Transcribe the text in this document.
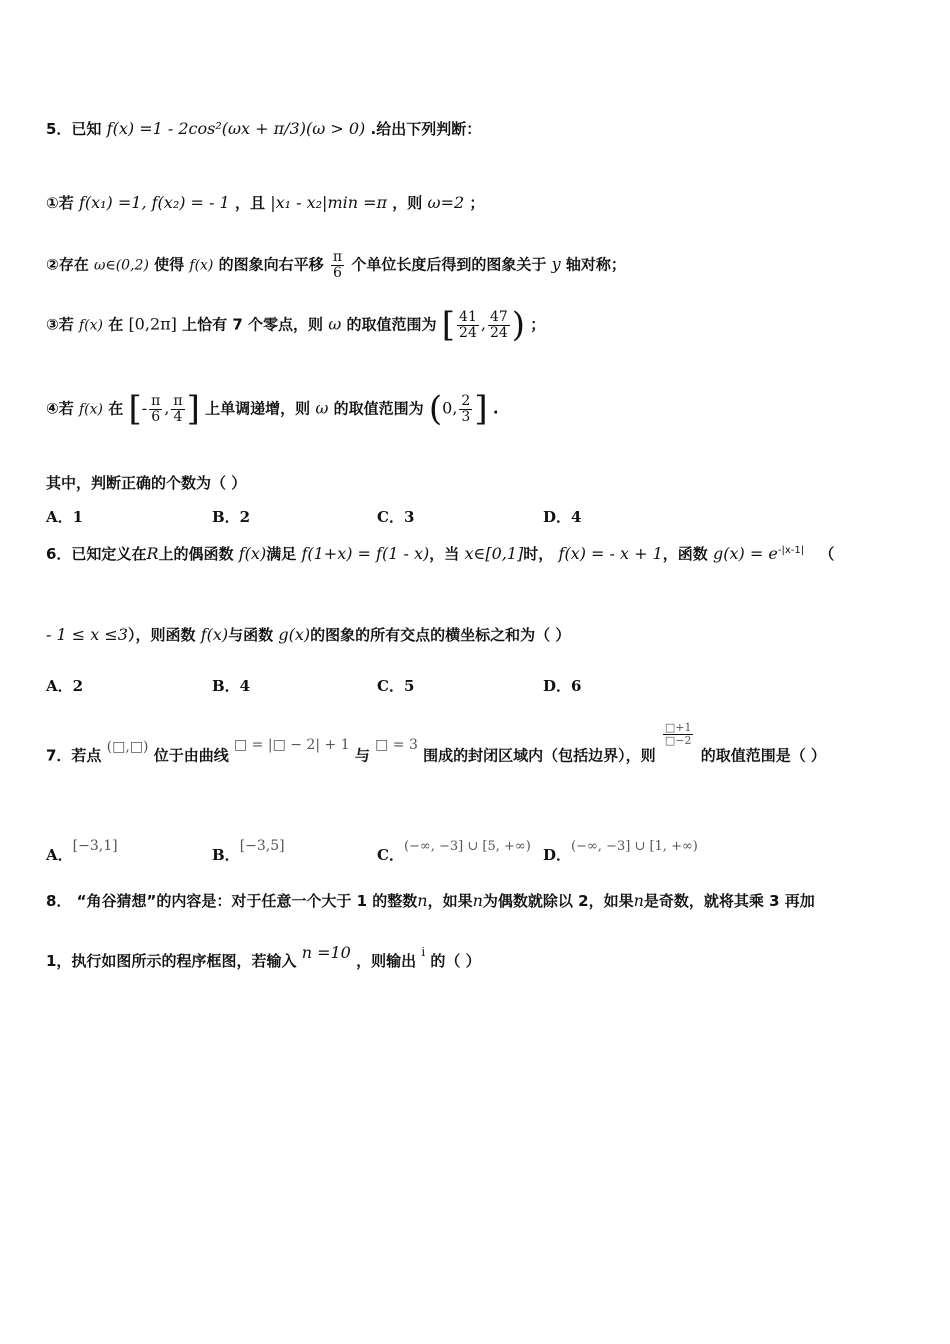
5．已知 f(x) =1 - 2cos²(ωx + π/3)(ω > 0) .给出下列判断：
①若 f(x₁) =1, f(x₂) = - 1 ，且 |x₁ - x₂|min =π ，则 ω=2 ；
②存在 ω∈(0,2) 使得 f(x) 的图象向右平移 $\frac{\pi}{6}$ 个单位长度后得到的图象关于 y 轴对称；
③若 f(x) 在 [0,2π] 上恰有 7 个零点，则 ω 的取值范围为 [ $\frac{41}{24}$ , $\frac{47}{24}$ ) ；
④若 f(x) 在 [- $\frac{\pi}{6}$ , $\frac{\pi}{4}$ ] 上单调递增，则 ω 的取值范围为 (0, $\frac{2}{3}$ ] .
其中，判断正确的个数为（ ）
A．1	B．2	C．3	D．4
6．已知定义在R上的偶函数 f(x)满足 f(1+x) = f(1 - x)，当 x∈[0,1]时， f(x) = - x + 1，函数 $g(x) = e^{-|x-1|}$ （
- 1 ≤ x ≤3），则函数 f(x)与函数 g(x)的图象的所有交点的横坐标之和为（ ）
A．2	B．4	C．5	D．6
7．若点 (□,□) 位于由曲线 □ = |□ − 2| + 1 与 □ = 3 围成的封闭区域内（包括边界），则
$\frac{□+1}{□-2}$
的取值范围是（ ）
A．[−3,1]	B．[−3,5]	C．(−∞, −3] ∪ [5, +∞) D．(−∞, −3] ∪ [1, +∞)
8． “角谷猜想”的内容是：对于任意一个大于 1 的整数n，如果n为偶数就除以 2，如果n是奇数，就将其乘 3 再加
1，执行如图所示的程序框图，若输入 n =10 ，则输出 $^i$ 的（ ）
